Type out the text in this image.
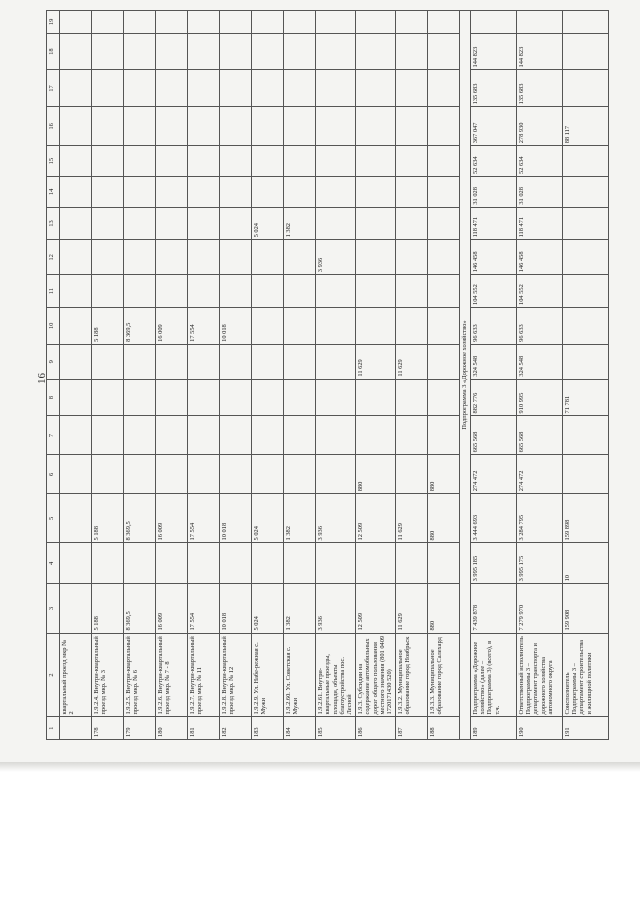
16
1	2	3	4	5	6	7	8	9	10	11	12	13	14	15	16	17	18	19
	квартальный проезд мкр № 2																	
178	1.9.2.4. Внутри-квартальный проезд мкр. № 3	5 188		5 188					5 188									
179	1.9.2.5. Внутри-квартальный проезд мкр. № 6	8 369,5		8 369,5					8 369,5									
180	1.9.2.6. Внутри-квартальный проезд мкр. № 7 - 8	16 009		16 009					16 009									
181	1.9.2.7. Внутри-квартальный проезд мкр. № 11	17 554		17 554					17 554									
182	1.9.2.8. Внутри-квартальный проезд мкр. № 12	10 018		10 018					10 018									
183	1.9.2.9. Ул. Набе-режная с. Мужи	5 024		5 024								5 024						
184	1.9.2.60. Ул. Советская с. Мужи	1 382		1 382								1 382						
185	1.9.2.61. Внутри-квартальные проезды, площади, объекты благоустройства пос. Лесной	3 936		3 936							3 936							
186	1.9.3. Субсидии на содержание автомобильных дорог общего пользования местного значения (801 0409 1720171430 520)	12 509		12 509	880			11 629										
187	1.9.3.2. Муниципальное образование город Ноябрьск	11 629		11 629				11 629										
188	1.9.3.3. Муниципальное образование город Салехард	880		880	880													
Подпрограмма 3 «Дорожное хозяйство»																		
189	Подпрограмма «Дорожное хозяйство» (далее – Подпрограмма 3) (всего), в т.ч.	7 439 878	3 995 185	3 444 693	274 472	665 568	882 776	324 548	96 633	104 552	146 458	118 471	31 028	52 634	367 047	135 683	144 823	
190	Ответственный исполнитель Подпрограммы 3 – департамент транспорта и дорожного хозяйства автономного округа	7 279 970	3 995 175	3 284 795	274 472	665 568	910 995	324 548	96 633	104 552	146 458	118 471	31 028	52 634	278 930	135 683	144 823	
191	Соисполнитель Подпрограммы 3 – департамент строительства и жилищной политики	159 908	10	159 898			71 781								88 117			
